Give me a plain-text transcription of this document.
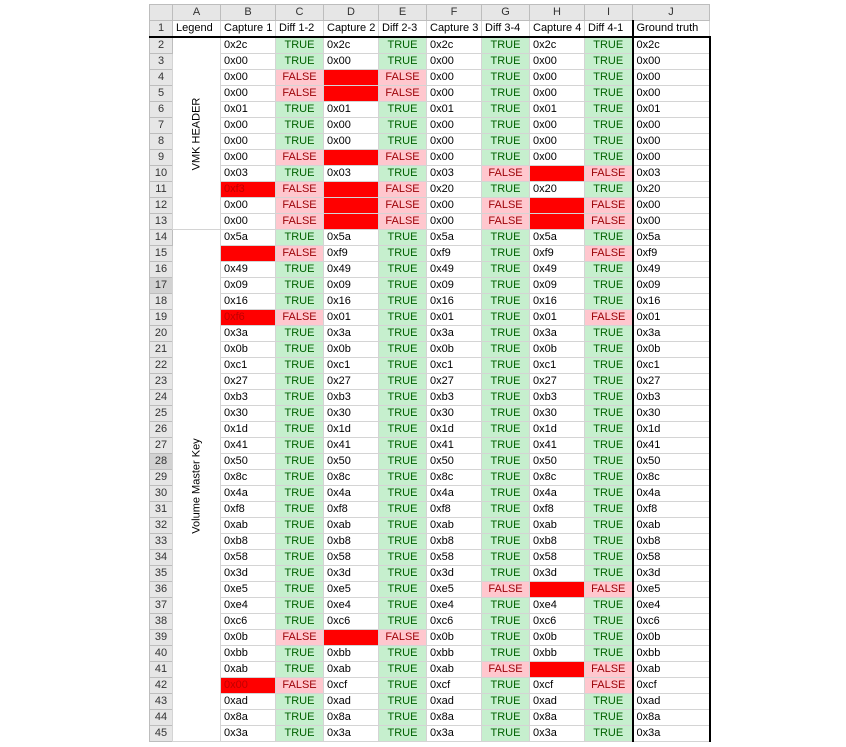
	A	B	C	D	E	F	G	H	I	J
1	Legend	Capture 1	Diff 1-2	Capture 2	Diff 2-3	Capture 3	Diff 3-4	Capture 4	Diff 4-1	Ground truth
2	VMK HEADER	0x2c	TRUE	0x2c	TRUE	0x2c	TRUE	0x2c	TRUE	0x2c
3		0x00	TRUE	0x00	TRUE	0x00	TRUE	0x00	TRUE	0x00
4		0x00	FALSE		FALSE	0x00	TRUE	0x00	TRUE	0x00
5		0x00	FALSE		FALSE	0x00	TRUE	0x00	TRUE	0x00
6		0x01	TRUE	0x01	TRUE	0x01	TRUE	0x01	TRUE	0x01
7		0x00	TRUE	0x00	TRUE	0x00	TRUE	0x00	TRUE	0x00
8		0x00	TRUE	0x00	TRUE	0x00	TRUE	0x00	TRUE	0x00
9		0x00	FALSE		FALSE	0x00	TRUE	0x00	TRUE	0x00
10		0x03	TRUE	0x03	TRUE	0x03	FALSE		FALSE	0x03
11		0xf3	FALSE		FALSE	0x20	TRUE	0x20	TRUE	0x20
12		0x00	FALSE		FALSE	0x00	FALSE		FALSE	0x00
13		0x00	FALSE		FALSE	0x00	FALSE		FALSE	0x00
14	Volume Master Key	0x5a	TRUE	0x5a	TRUE	0x5a	TRUE	0x5a	TRUE	0x5a
15			FALSE	0xf9	TRUE	0xf9	TRUE	0xf9	FALSE	0xf9
16		0x49	TRUE	0x49	TRUE	0x49	TRUE	0x49	TRUE	0x49
17		0x09	TRUE	0x09	TRUE	0x09	TRUE	0x09	TRUE	0x09
18		0x16	TRUE	0x16	TRUE	0x16	TRUE	0x16	TRUE	0x16
19		0xf6	FALSE	0x01	TRUE	0x01	TRUE	0x01	FALSE	0x01
20		0x3a	TRUE	0x3a	TRUE	0x3a	TRUE	0x3a	TRUE	0x3a
21		0x0b	TRUE	0x0b	TRUE	0x0b	TRUE	0x0b	TRUE	0x0b
22		0xc1	TRUE	0xc1	TRUE	0xc1	TRUE	0xc1	TRUE	0xc1
23		0x27	TRUE	0x27	TRUE	0x27	TRUE	0x27	TRUE	0x27
24		0xb3	TRUE	0xb3	TRUE	0xb3	TRUE	0xb3	TRUE	0xb3
25		0x30	TRUE	0x30	TRUE	0x30	TRUE	0x30	TRUE	0x30
26		0x1d	TRUE	0x1d	TRUE	0x1d	TRUE	0x1d	TRUE	0x1d
27		0x41	TRUE	0x41	TRUE	0x41	TRUE	0x41	TRUE	0x41
28		0x50	TRUE	0x50	TRUE	0x50	TRUE	0x50	TRUE	0x50
29		0x8c	TRUE	0x8c	TRUE	0x8c	TRUE	0x8c	TRUE	0x8c
30		0x4a	TRUE	0x4a	TRUE	0x4a	TRUE	0x4a	TRUE	0x4a
31		0xf8	TRUE	0xf8	TRUE	0xf8	TRUE	0xf8	TRUE	0xf8
32		0xab	TRUE	0xab	TRUE	0xab	TRUE	0xab	TRUE	0xab
33		0xb8	TRUE	0xb8	TRUE	0xb8	TRUE	0xb8	TRUE	0xb8
34		0x58	TRUE	0x58	TRUE	0x58	TRUE	0x58	TRUE	0x58
35		0x3d	TRUE	0x3d	TRUE	0x3d	TRUE	0x3d	TRUE	0x3d
36		0xe5	TRUE	0xe5	TRUE	0xe5	FALSE		FALSE	0xe5
37		0xe4	TRUE	0xe4	TRUE	0xe4	TRUE	0xe4	TRUE	0xe4
38		0xc6	TRUE	0xc6	TRUE	0xc6	TRUE	0xc6	TRUE	0xc6
39		0x0b	FALSE		FALSE	0x0b	TRUE	0x0b	TRUE	0x0b
40		0xbb	TRUE	0xbb	TRUE	0xbb	TRUE	0xbb	TRUE	0xbb
41		0xab	TRUE	0xab	TRUE	0xab	FALSE		FALSE	0xab
42		0x00	FALSE	0xcf	TRUE	0xcf	TRUE	0xcf	FALSE	0xcf
43		0xad	TRUE	0xad	TRUE	0xad	TRUE	0xad	TRUE	0xad
44		0x8a	TRUE	0x8a	TRUE	0x8a	TRUE	0x8a	TRUE	0x8a
45		0x3a	TRUE	0x3a	TRUE	0x3a	TRUE	0x3a	TRUE	0x3a
